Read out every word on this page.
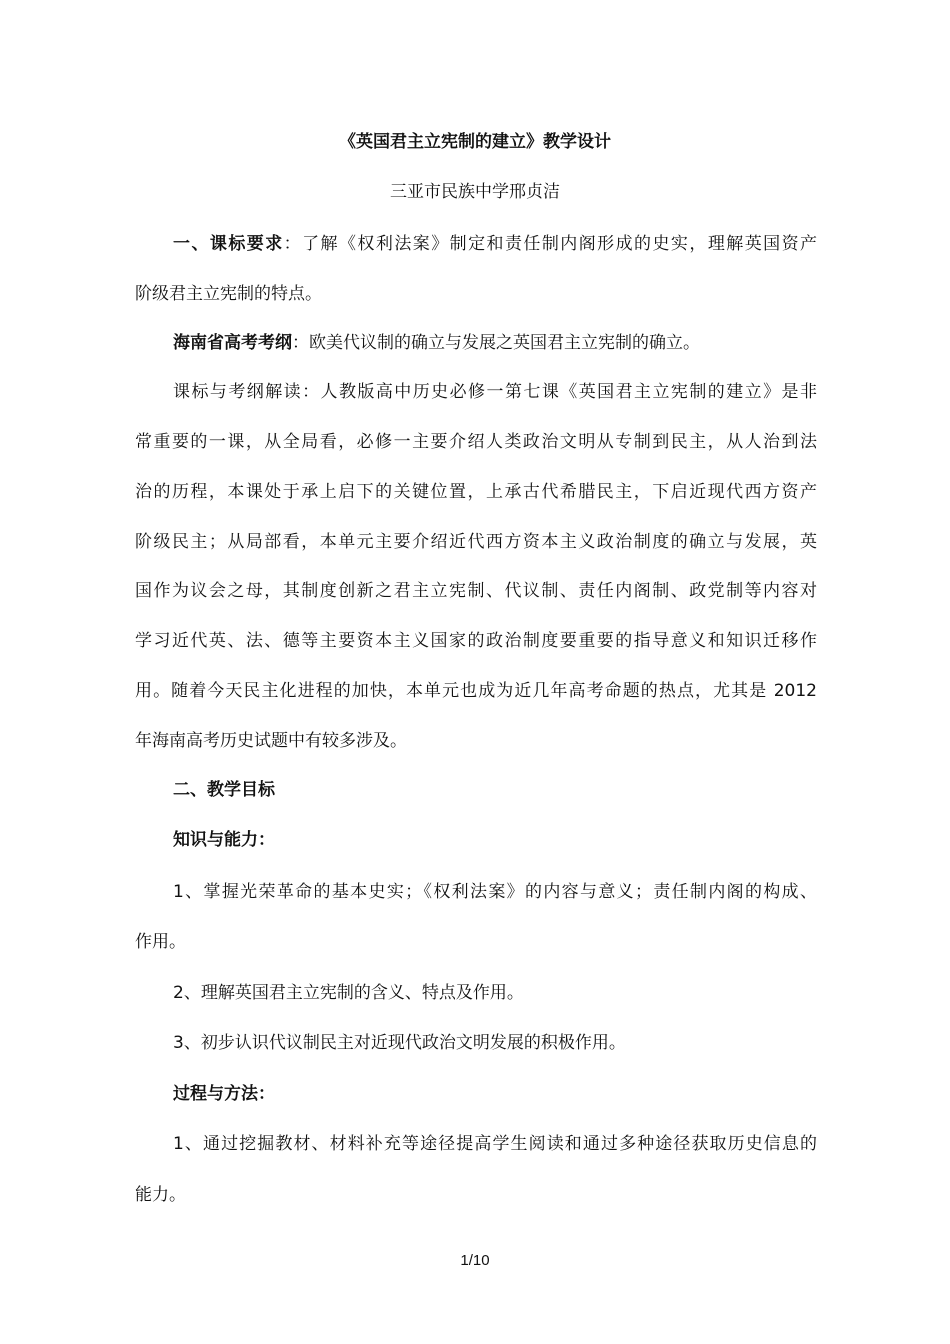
《英国君主立宪制的建立》教学设计
三亚市民族中学邢贞洁
一、课标要求：了解《权利法案》制定和责任制内阁形成的史实，理解英国资产
阶级君主立宪制的特点。
海南省高考考纲：欧美代议制的确立与发展之英国君主立宪制的确立。
课标与考纲解读：人教版高中历史必修一第七课《英国君主立宪制的建立》是非
常重要的一课，从全局看，必修一主要介绍人类政治文明从专制到民主，从人治到法
治的历程，本课处于承上启下的关键位置，上承古代希腊民主，下启近现代西方资产
阶级民主；从局部看，本单元主要介绍近代西方资本主义政治制度的确立与发展，英
国作为议会之母，其制度创新之君主立宪制、代议制、责任内阁制、政党制等内容对
学习近代英、法、德等主要资本主义国家的政治制度要重要的指导意义和知识迁移作
用。随着今天民主化进程的加快，本单元也成为近几年高考命题的热点，尤其是 2012
年海南高考历史试题中有较多涉及。
二、教学目标
知识与能力：
1、掌握光荣革命的基本史实；《权利法案》的内容与意义；责任制内阁的构成、
作用。
2、理解英国君主立宪制的含义、特点及作用。
3、初步认识代议制民主对近现代政治文明发展的积极作用。
过程与方法：
1、通过挖掘教材、材料补充等途径提高学生阅读和通过多种途径获取历史信息的
能力。
1/10
